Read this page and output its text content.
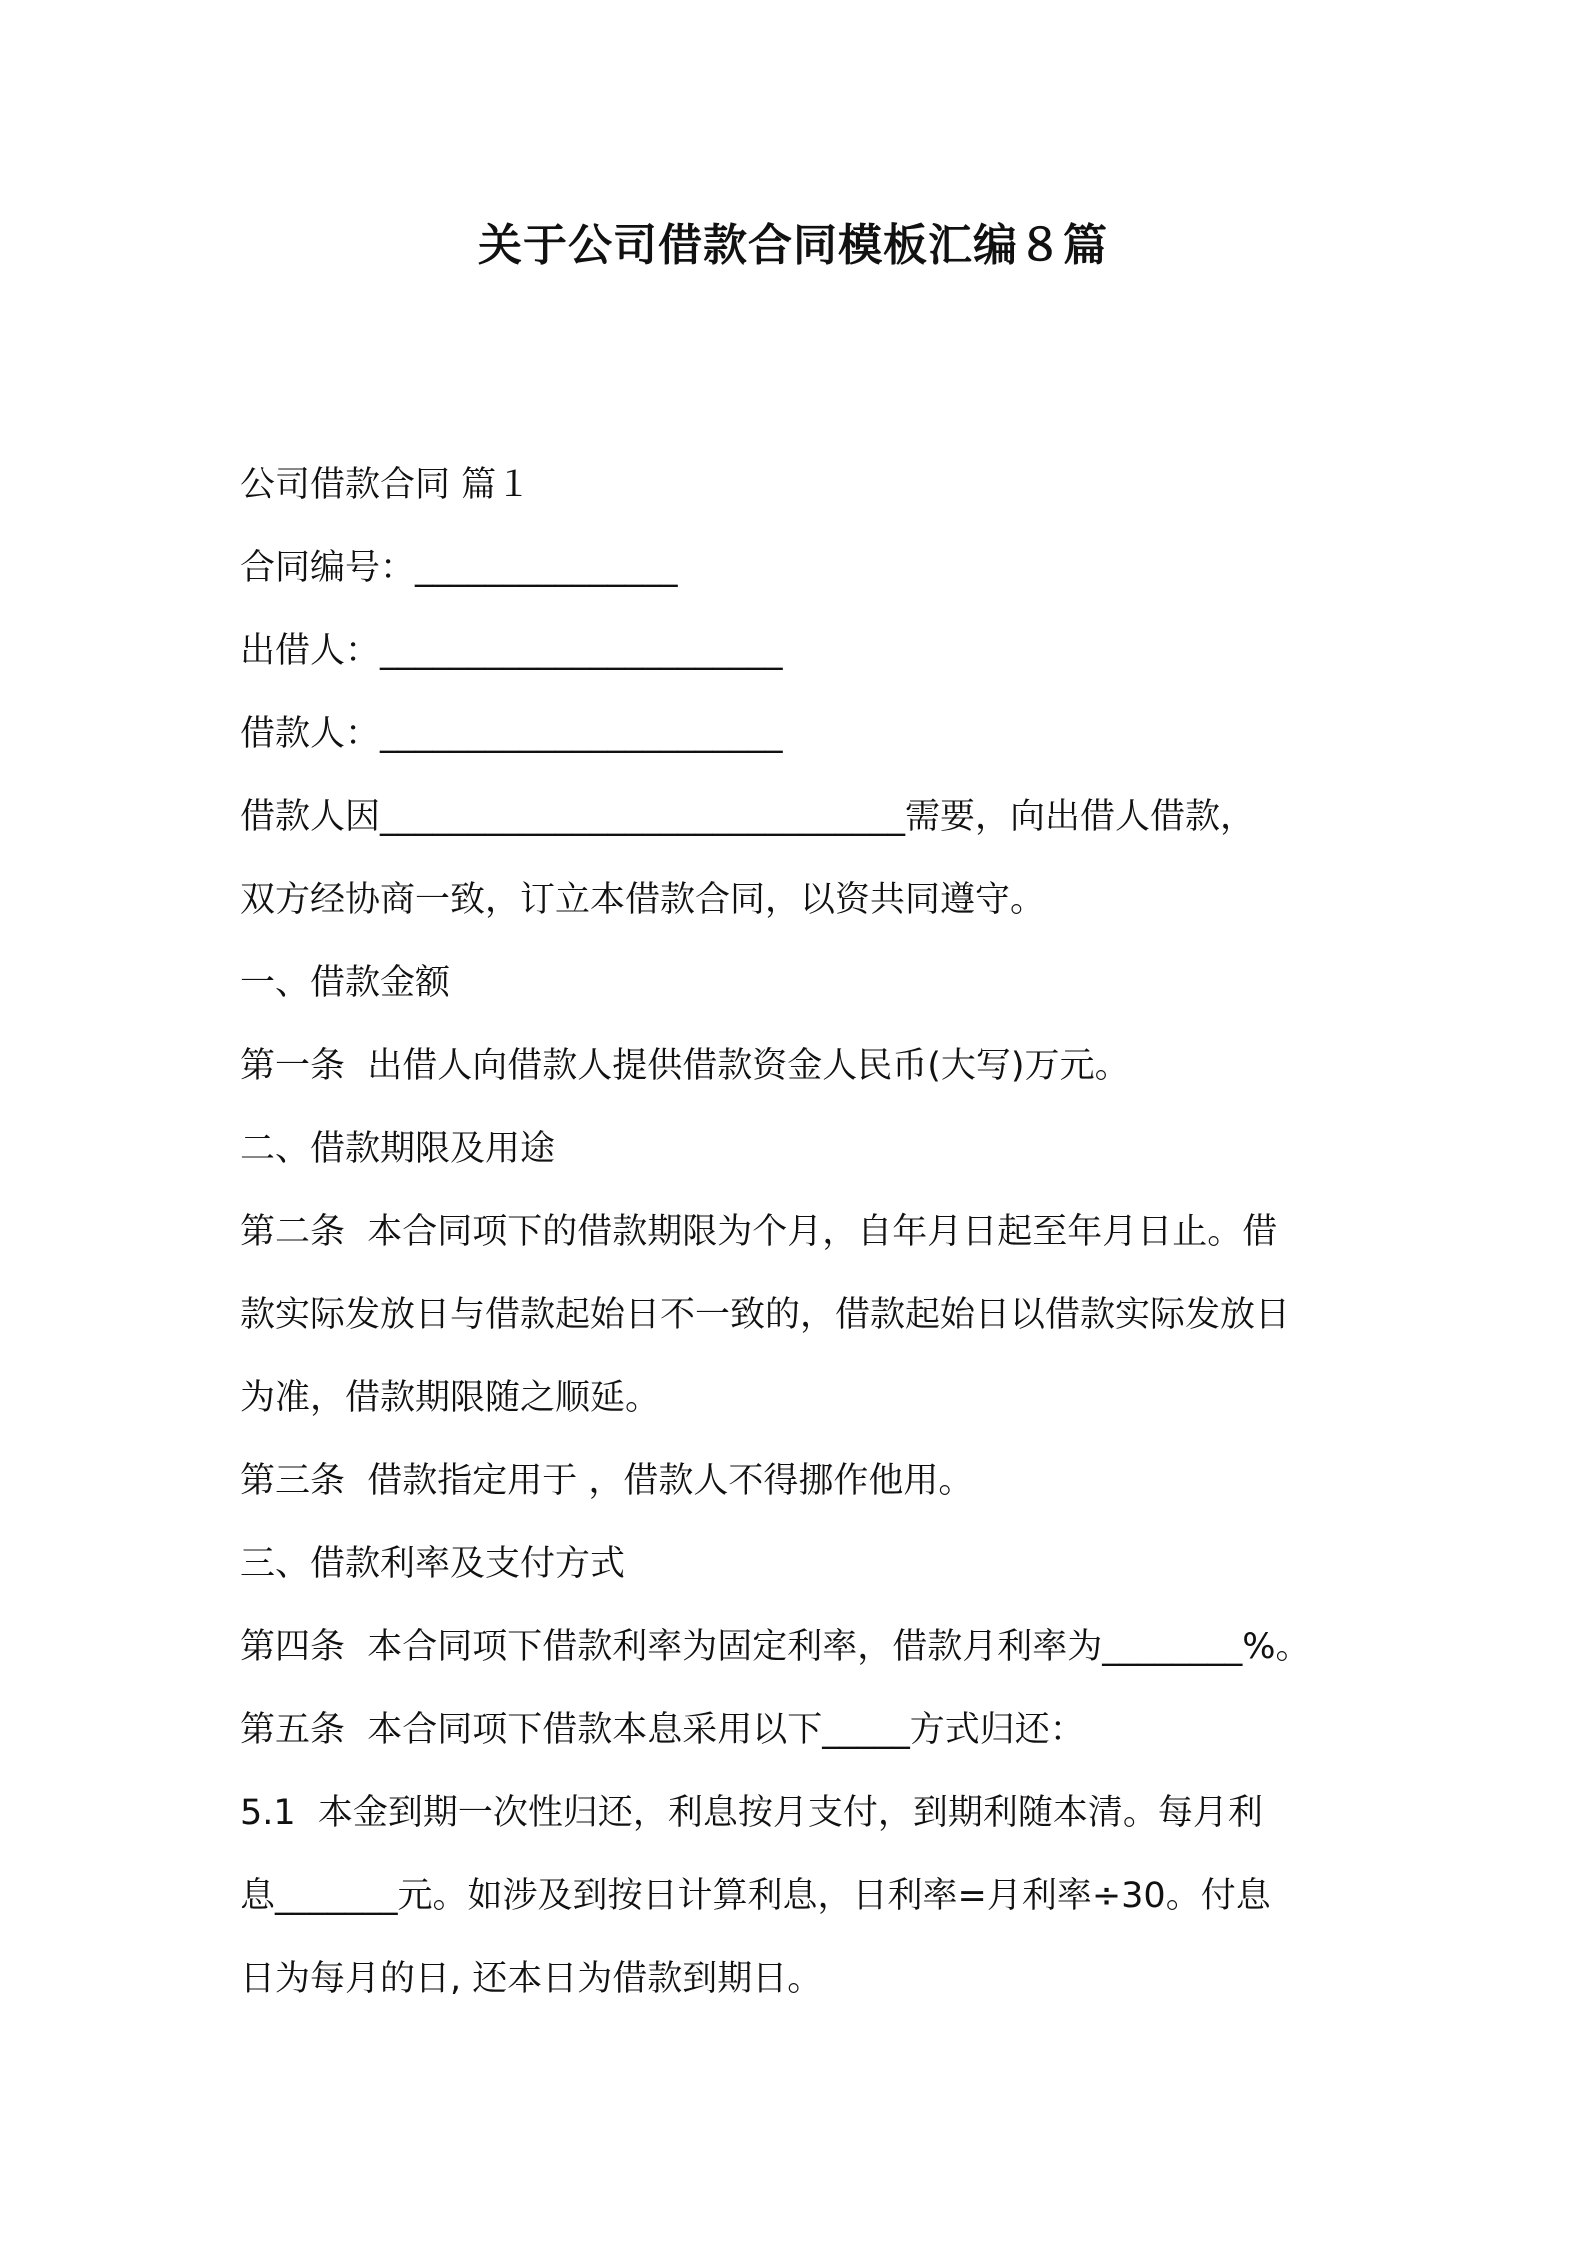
关于公司借款合同模板汇编８篇

公司借款合同 篇１

合同编号：_______________

出借人：_______________________

借款人：_______________________

借款人因______________________________需要，向出借人借款，

双方经协商一致，订立本借款合同，以资共同遵守。

一、借款金额

第一条  出借人向借款人提供借款资金人民币(大写)万元。

二、借款期限及用途

第二条  本合同项下的借款期限为个月，自年月日起至年月日止。借

款实际发放日与借款起始日不一致的，借款起始日以借款实际发放日

为准，借款期限随之顺延。

第三条  借款指定用于 ，借款人不得挪作他用。

三、借款利率及支付方式

第四条  本合同项下借款利率为固定利率，借款月利率为________%。

第五条  本合同项下借款本息采用以下_____方式归还：

5.1  本金到期一次性归还，利息按月支付，到期利随本清。每月利

息_______元。如涉及到按日计算利息，日利率=月利率÷30。付息

日为每月的日, 还本日为借款到期日。
